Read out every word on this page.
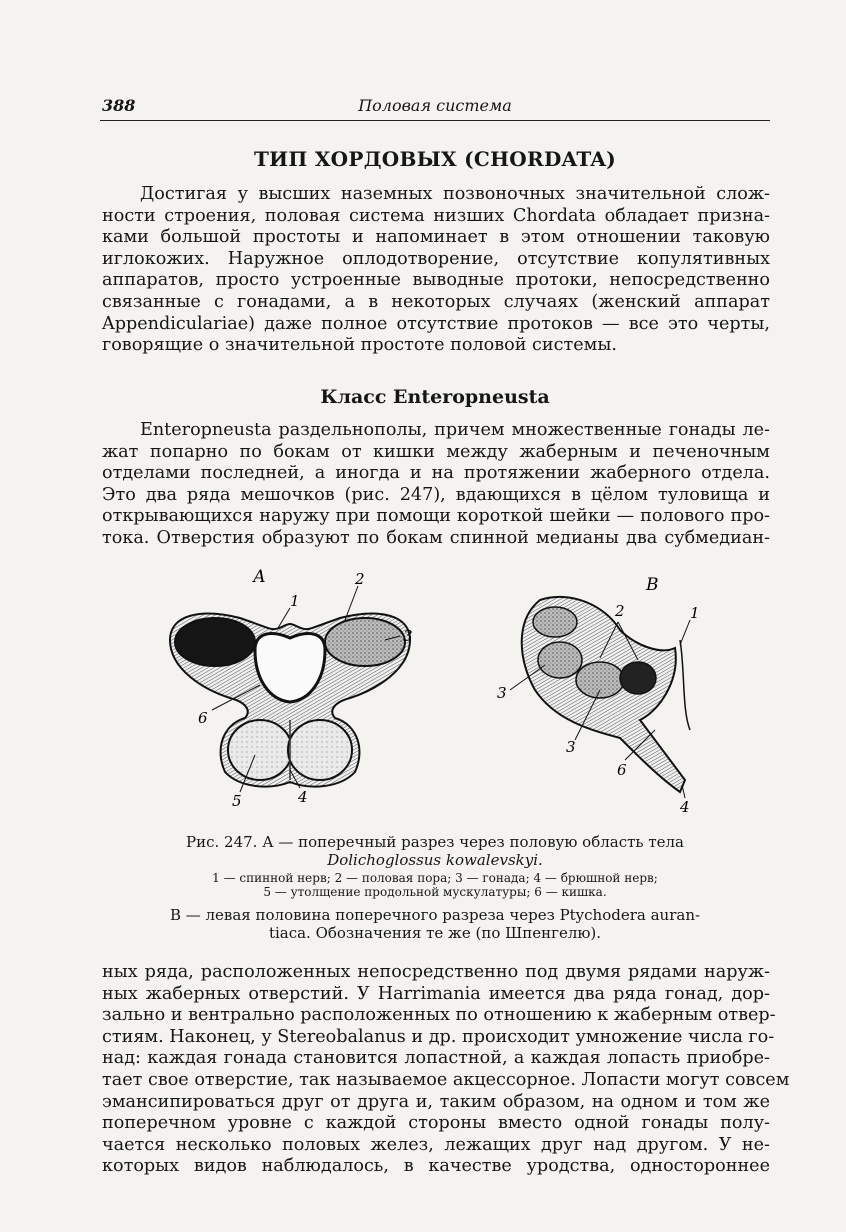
388	Половая система
ТИП ХОРДОВЫХ (CHORDATA)
Достигая у высших наземных позвоночных значительной слож-
ности строения, половая система низших Chordata обладает призна-
ками большой простоты и напоминает в этом отношении таковую
иглокожих. Наружное оплодотворение, отсутствие копулятивных
аппаратов, просто устроенные выводные протоки, непосредственно
связанные с гонадами, а в некоторых случаях (женский аппарат
Appendiculariae) даже полное отсутствие протоков — все это черты,
говорящие о значительной простоте половой системы.
Класс Enteropneusta
Enteropneusta раздельнополы, причем множественные гонады ле-
жат попарно по бокам от кишки между жаберным и печеночным
отделами последней, а иногда и на протяжении жаберного отдела.
Это два ряда мешочков (рис. 247), вдающихся в цёлом туловища и
открывающихся наружу при помощи короткой шейки — полового про-
тока. Отверстия образуют по бокам спинной медианы два субмедиан-
А
1
2
3
6
5	4
В
2	1
3
3
6
4
Рис. 247. А — поперечный разрез через половую область тела
Dolichoglossus kowalevskyi.
1 — спинной нерв; 2 — половая пора; 3 — гонада; 4 — брюшной нерв;
5 — утолщение продольной мускулатуры; 6 — кишка.
В — левая половина поперечного разреза через Ptychodera auran-
tiaca. Обозначения те же (по Шпенгелю).
ных ряда, расположенных непосредственно под двумя рядами наруж-
ных жаберных отверстий. У Harrimania имеется два ряда гонад, дор-
зально и вентрально расположенных по отношению к жаберным отвер-
стиям. Наконец, у Stereobalanus и др. происходит умножение числа го-
над: каждая гонада становится лопастной, а каждая лопасть приобре-
тает свое отверстие, так называемое акцессорное. Лопасти могут совсем
эмансипироваться друг от друга и, таким образом, на одном и том же
поперечном уровне с каждой стороны вместо одной гонады полу-
чается несколько половых желез, лежащих друг над другом. У не-
которых видов наблюдалось, в качестве уродства, одностороннее
